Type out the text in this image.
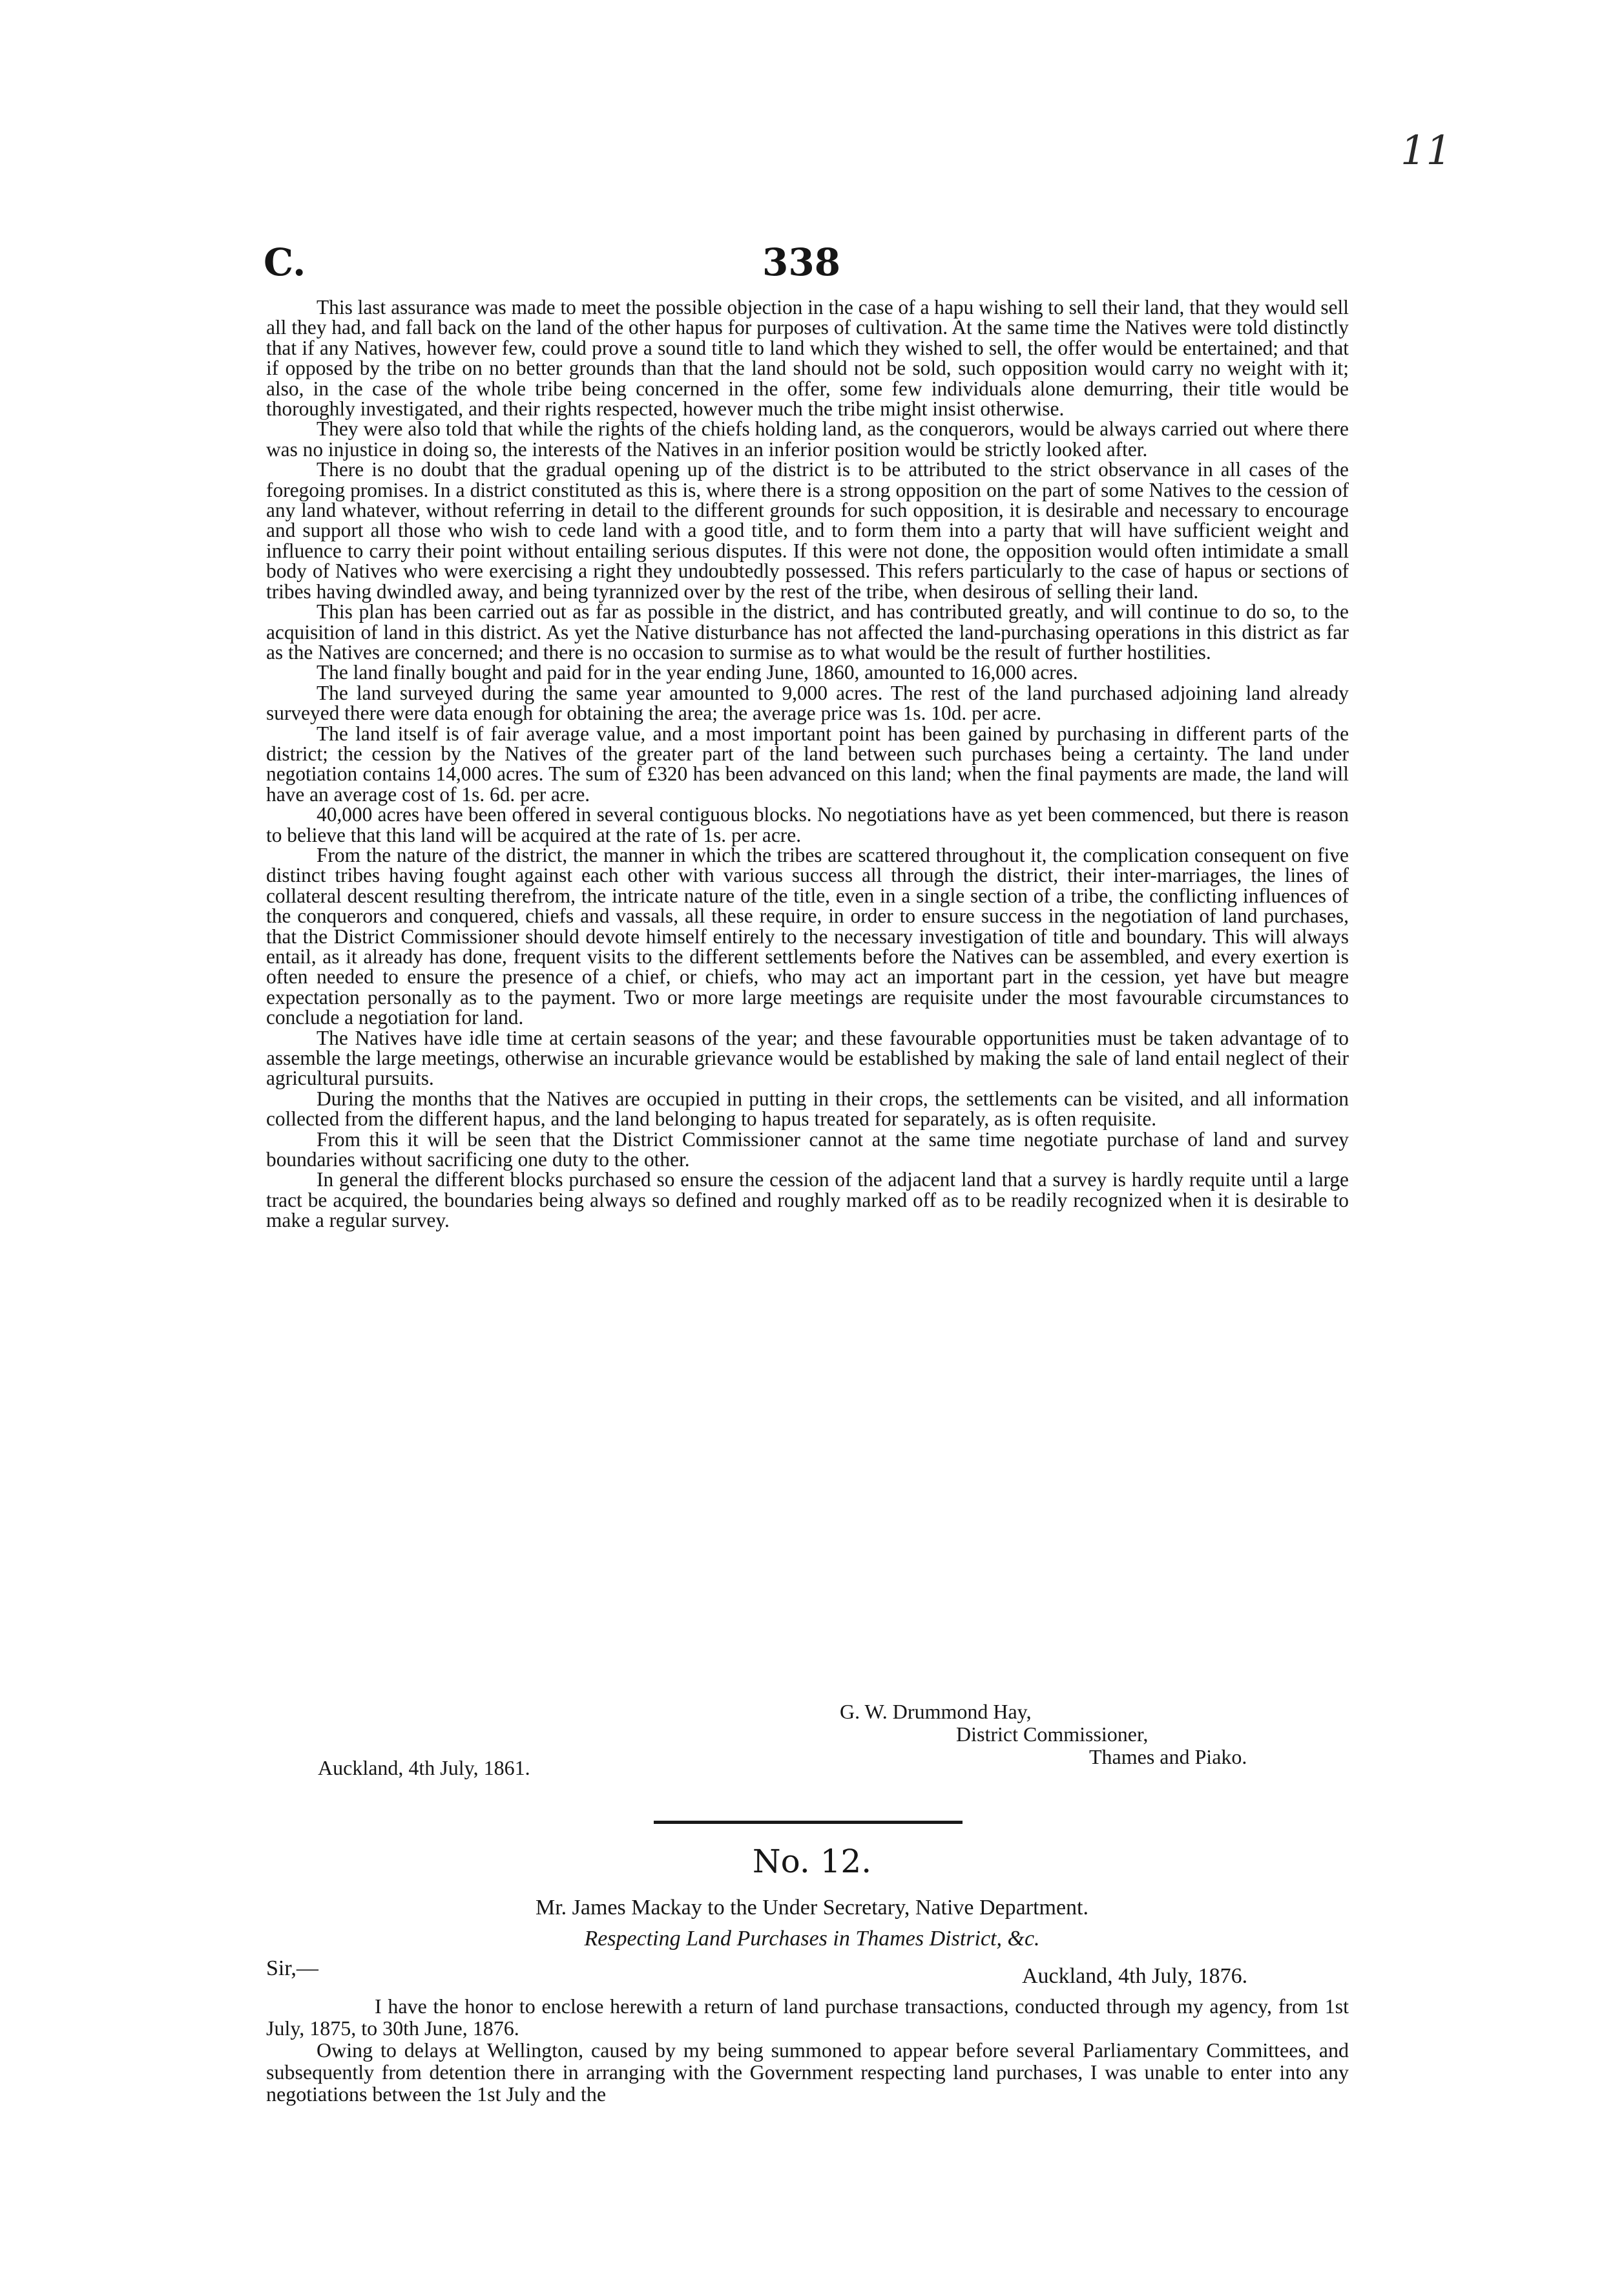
11
C.	338

This last assurance was made to meet the possible objection in the case of a hapu wishing to sell their land, that they would sell all they had, and fall back on the land of the other hapus for purposes of cultivation. At the same time the Natives were told distinctly that if any Natives, however few, could prove a sound title to land which they wished to sell, the offer would be entertained; and that if opposed by the tribe on no better grounds than that the land should not be sold, such opposition would carry no weight with it; also, in the case of the whole tribe being concerned in the offer, some few individuals alone demurring, their title would be thoroughly investigated, and their rights respected, however much the tribe might insist otherwise.

They were also told that while the rights of the chiefs holding land, as the conquerors, would be always carried out where there was no injustice in doing so, the interests of the Natives in an inferior position would be strictly looked after.

There is no doubt that the gradual opening up of the district is to be attributed to the strict observance in all cases of the foregoing promises. In a district constituted as this is, where there is a strong opposition on the part of some Natives to the cession of any land whatever, without referring in detail to the different grounds for such opposition, it is desirable and necessary to encourage and support all those who wish to cede land with a good title, and to form them into a party that will have sufficient weight and influence to carry their point without entailing serious disputes. If this were not done, the opposition would often intimidate a small body of Natives who were exercising a right they undoubtedly possessed. This refers particularly to the case of hapus or sections of tribes having dwindled away, and being tyrannized over by the rest of the tribe, when desirous of selling their land.

This plan has been carried out as far as possible in the district, and has contributed greatly, and will continue to do so, to the acquisition of land in this district. As yet the Native disturbance has not affected the land-purchasing operations in this district as far as the Natives are concerned; and there is no occasion to surmise as to what would be the result of further hostilities.

The land finally bought and paid for in the year ending June, 1860, amounted to 16,000 acres.

The land surveyed during the same year amounted to 9,000 acres. The rest of the land purchased adjoining land already surveyed there were data enough for obtaining the area; the average price was 1s. 10d. per acre.

The land itself is of fair average value, and a most important point has been gained by purchasing in different parts of the district; the cession by the Natives of the greater part of the land between such purchases being a certainty. The land under negotiation contains 14,000 acres. The sum of £320 has been advanced on this land; when the final payments are made, the land will have an average cost of 1s. 6d. per acre.

40,000 acres have been offered in several contiguous blocks. No negotiations have as yet been commenced, but there is reason to believe that this land will be acquired at the rate of 1s. per acre.

From the nature of the district, the manner in which the tribes are scattered throughout it, the complication consequent on five distinct tribes having fought against each other with various success all through the district, their inter-marriages, the lines of collateral descent resulting therefrom, the intricate nature of the title, even in a single section of a tribe, the conflicting influences of the conquerors and conquered, chiefs and vassals, all these require, in order to ensure success in the negotiation of land purchases, that the District Commissioner should devote himself entirely to the necessary investigation of title and boundary. This will always entail, as it already has done, frequent visits to the different settlements before the Natives can be assembled, and every exertion is often needed to ensure the presence of a chief, or chiefs, who may act an important part in the cession, yet have but meagre expectation personally as to the payment. Two or more large meetings are requisite under the most favourable circumstances to conclude a negotiation for land.

The Natives have idle time at certain seasons of the year; and these favourable opportunities must be taken advantage of to assemble the large meetings, otherwise an incurable grievance would be established by making the sale of land entail neglect of their agricultural pursuits.

During the months that the Natives are occupied in putting in their crops, the settlements can be visited, and all information collected from the different hapus, and the land belonging to hapus treated for separately, as is often requisite.

From this it will be seen that the District Commissioner cannot at the same time negotiate purchase of land and survey boundaries without sacrificing one duty to the other.

In general the different blocks purchased so ensure the cession of the adjacent land that a survey is hardly requite until a large tract be acquired, the boundaries being always so defined and roughly marked off as to be readily recognized when it is desirable to make a regular survey.

G. W. Drummond Hay,
District Commissioner,
Thames and Piako.
Auckland, 4th July, 1861.
No. 12.
Mr. James Mackay to the Under Secretary, Native Department.
Respecting Land Purchases in Thames District, &c.
Sir,—	Auckland, 4th July, 1876.

I have the honor to enclose herewith a return of land purchase transactions, conducted through my agency, from 1st July, 1875, to 30th June, 1876.

Owing to delays at Wellington, caused by my being summoned to appear before several Parliamentary Committees, and subsequently from detention there in arranging with the Government respecting land purchases, I was unable to enter into any negotiations between the 1st July and the
